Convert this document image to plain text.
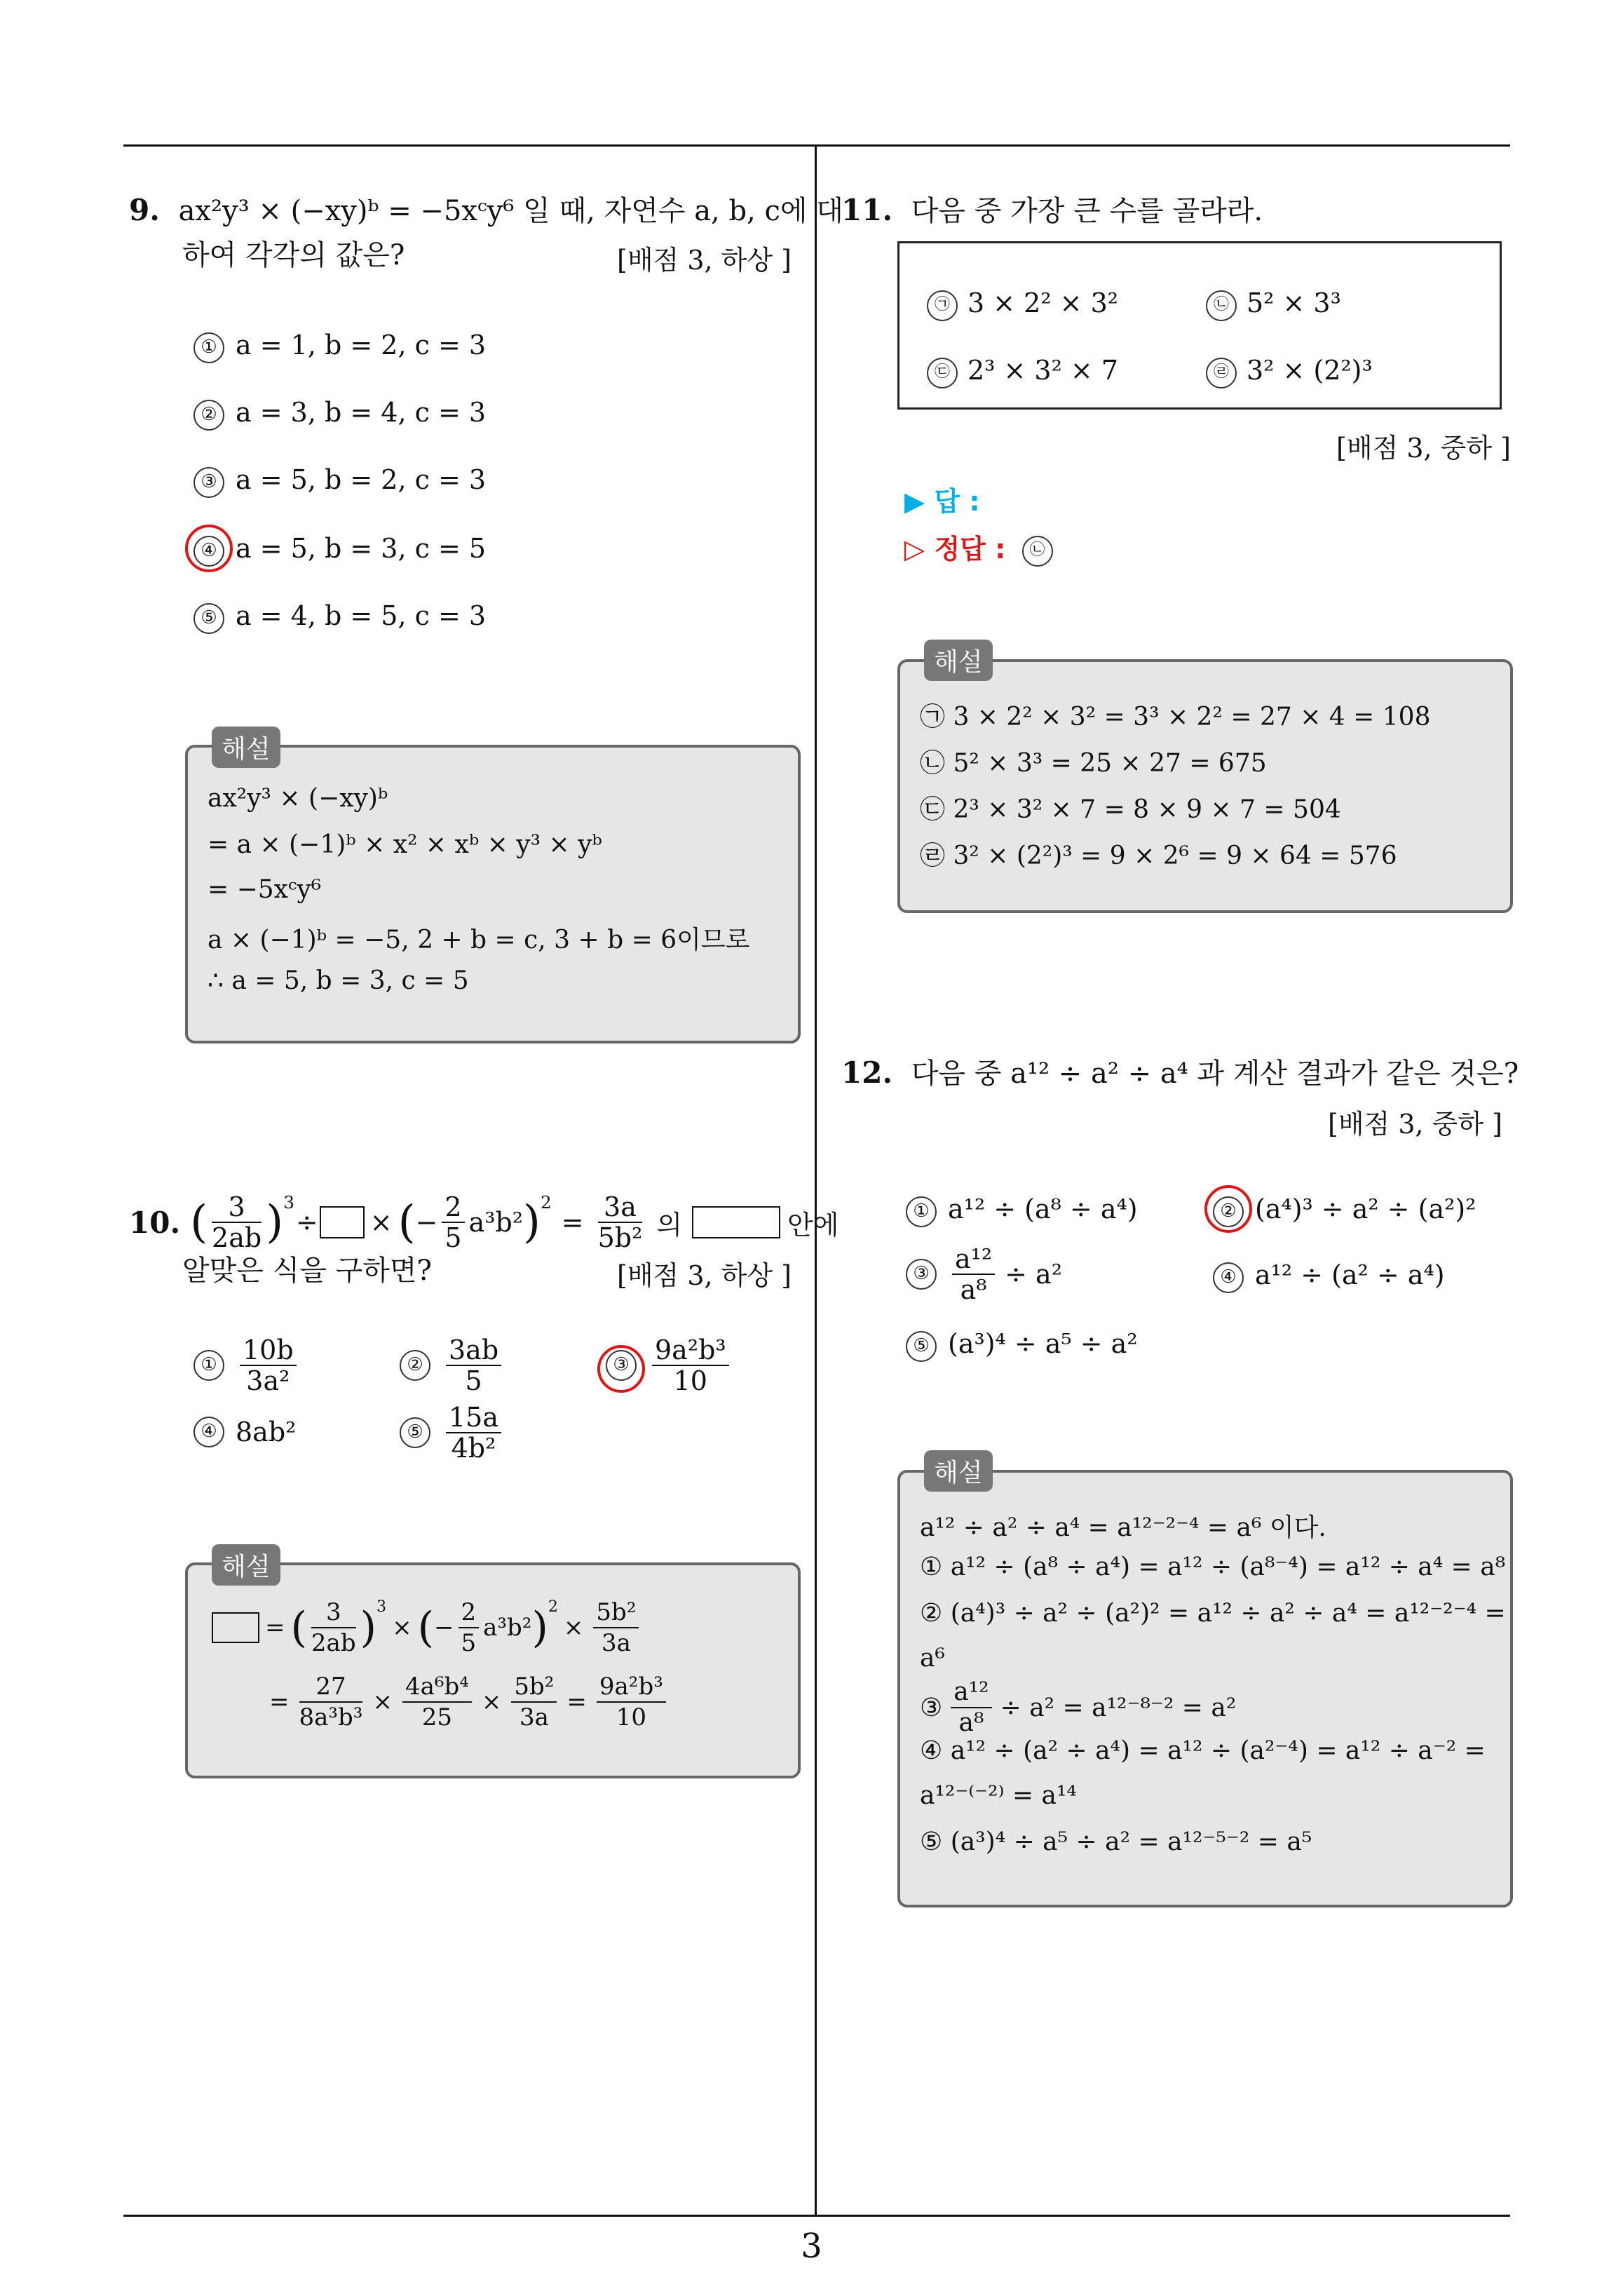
9. ax²y³ × (−xy)ᵇ = −5xᶜy⁶ 일 때, 자연수 a, b, c에 대
하여 각각의 값은?	[배점 3, 하상 ]
① a = 1, b = 2, c = 3
② a = 3, b = 4, c = 3
③ a = 5, b = 2, c = 3
④ a = 5, b = 3, c = 5
⑤ a = 4, b = 5, c = 3
해설
ax²y³ × (−xy)ᵇ
= a × (−1)ᵇ × x² × xᵇ × y³ × yᵇ
= −5xᶜy⁶
a × (−1)ᵇ = −5, 2 + b = c, 3 + b = 6이므로
∴ a = 5, b = 3, c = 5
10. ( $\frac{3}{2ab} )^3$
÷ × ( − $\frac{2}{5} a^3b^2$ )$^2$
= $\frac{3a}{\text{5b²}}$ 의	안에
알맞은 식을 구하면?	[배점 3, 하상 ]
① $\frac{10b}{\text{3a²}}$	② $\frac{3ab}{5}$	③ $\frac{\text{9a²b³}}{10}$
④ 8ab²	⑤ $\frac{15a}{\text{4b²}}$
해설
= ( $\frac{3}{2ab} )^3$
× ( − $\frac{2}{5} a^3b^2$ )$^2$
× $\frac{\text{5b²}}{3a}$
= $\frac{27}{\text{8a³b³}} \times \frac{\text{4a⁶b⁴}}{25} \times \frac{\text{5b²}}{3a} = \frac{\text{9a²b³}}{10}$
11. 다음 중 가장 큰 수를 골라라.
㉠ 3 × 2² × 3²	㉡ 5² × 3³
㉢ 2³ × 3² × 7	㉣ 3² × (2²)³
[배점 3, 중하 ]
▶ 답 :
▷ 정답 : ㉡
해설
㉠ 3 × 2² × 3² = 3³ × 2² = 27 × 4 = 108
㉡ 5² × 3³ = 25 × 27 = 675
㉢ 2³ × 3² × 7 = 8 × 9 × 7 = 504
㉣ 3² × (2²)³ = 9 × 2⁶ = 9 × 64 = 576
12. 다음 중 a¹² ÷ a² ÷ a⁴ 과 계산 결과가 같은 것은?
[배점 3, 중하 ]
① a¹² ÷ (a⁸ ÷ a⁴)	② (a⁴)³ ÷ a² ÷ (a²)²
③ $\frac{\text{a¹²}}{\text{a⁸}} \div a^2$	④ a¹² ÷ (a² ÷ a⁴)
⑤ (a³)⁴ ÷ a⁵ ÷ a²
해설
a¹² ÷ a² ÷ a⁴ = a¹²⁻²⁻⁴ = a⁶ 이다.
① a¹² ÷ (a⁸ ÷ a⁴) = a¹² ÷ (a⁸⁻⁴) = a¹² ÷ a⁴ = a⁸
② (a⁴)³ ÷ a² ÷ (a²)² = a¹² ÷ a² ÷ a⁴ = a¹²⁻²⁻⁴ =
a⁶
③ $\frac{\text{a¹²}}{\text{a⁸}} \div a^2 = a^{12-8-2} = a^2$
④ a¹² ÷ (a² ÷ a⁴) = a¹² ÷ (a²⁻⁴) = a¹² ÷ a⁻² =
a¹²⁻⁽⁻²⁾ = a¹⁴
⑤ (a³)⁴ ÷ a⁵ ÷ a² = a¹²⁻⁵⁻² = a⁵
3
